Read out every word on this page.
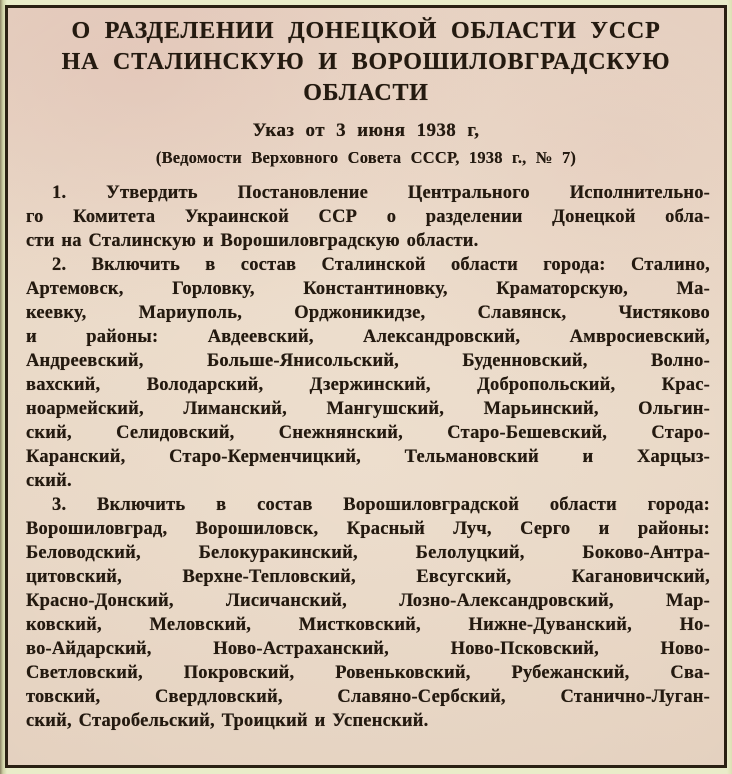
О РАЗДЕЛЕНИИ ДОНЕЦКОЙ ОБЛАСТИ УССР
НА СТАЛИНСКУЮ И ВОРОШИЛОВГРАДСКУЮ
ОБЛАСТИ
Указ от 3 июня 1938 г,
(Ведомости Верховного Совета СССР, 1938 г., № 7)
1. Утвердить Постановление Центрального Исполнительно-
го Комитета Украинской ССР о разделении Донецкой обла-
сти на Сталинскую и Ворошиловградскую области.
2. Включить в состав Сталинской области города: Сталино,
Артемовск, Горловку, Константиновку, Краматорскую, Ма-
кеевку, Мариуполь, Орджоникидзе, Славянск, Чистяково
и районы: Авдеевский, Александровский, Амвросиевский,
Андреевский, Больше-Янисольский, Буденновский, Волно-
вахский, Володарский, Дзержинский, Добропольский, Крас-
ноармейский, Лиманский, Мангушский, Марьинский, Ольгин-
ский, Селидовский, Снежнянский, Старо-Бешевский, Старо-
Каранский, Старо-Керменчицкий, Тельмановский и Харцыз-
ский.
3. Включить в состав Ворошиловградской области города:
Ворошиловград, Ворошиловск, Красный Луч, Серго и районы:
Беловодский, Белокуракинский, Белолуцкий, Боково-Антра-
цитовский, Верхне-Тепловский, Евсугский, Кагановичский,
Красно-Донский, Лисичанский, Лозно-Александровский, Мар-
ковский, Меловский, Мистковский, Нижне-Дуванский, Но-
во-Айдарский, Ново-Астраханский, Ново-Псковский, Ново-
Светловский, Покровский, Ровеньковский, Рубежанский, Сва-
товский, Свердловский, Славяно-Сербский, Станично-Луган-
ский, Старобельский, Троицкий и Успенский.
